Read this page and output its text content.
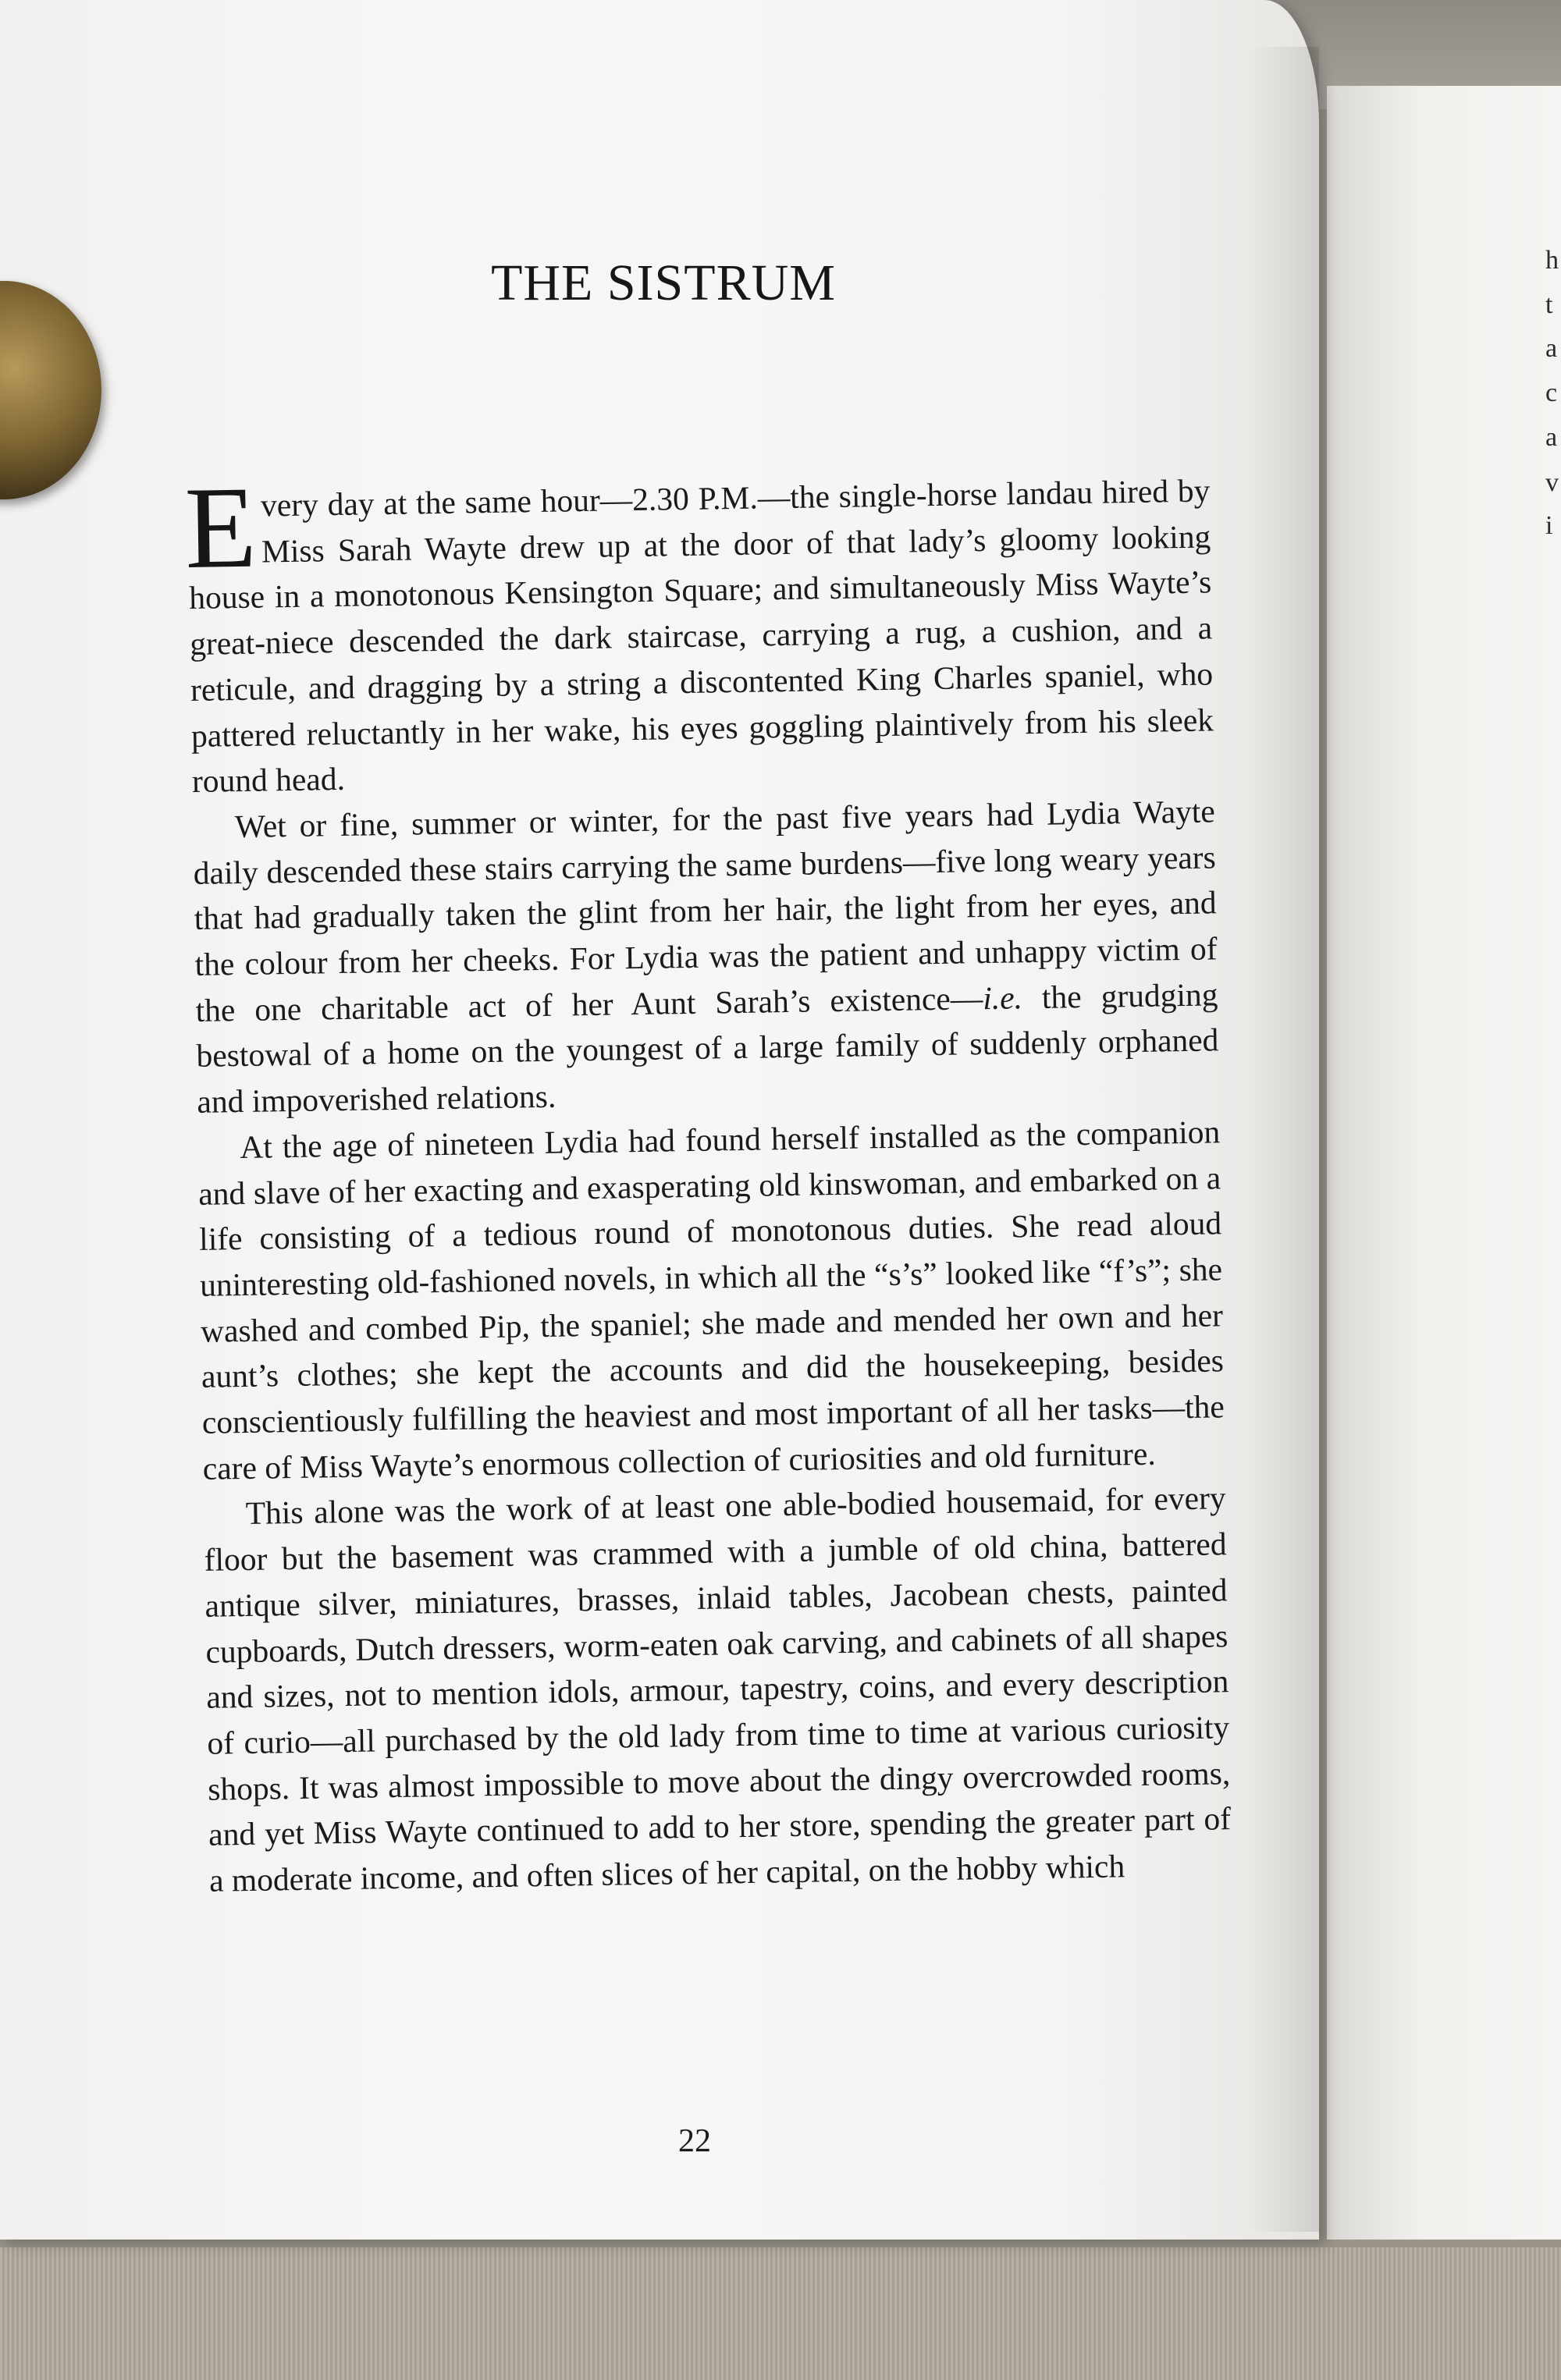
h
t
a
c
a
v
i
THE SISTRUM

Every day at the same hour—2.30 P.M.—the single-horse landau hired by Miss Sarah Wayte drew up at the door of that lady’s gloomy looking house in a monotonous Kensington Square; and simultaneously Miss Wayte’s great-niece descended the dark staircase, carrying a rug, a cushion, and a reticule, and dragging by a string a discontented King Charles spaniel, who pattered reluctantly in her wake, his eyes goggling plaintively from his sleek round head.

Wet or fine, summer or winter, for the past five years had Lydia Wayte daily descended these stairs carrying the same burdens—five long weary years that had gradually taken the glint from her hair, the light from her eyes, and the colour from her cheeks. For Lydia was the patient and unhappy victim of the one charitable act of her Aunt Sarah’s existence—i.e. the grudging bestowal of a home on the youngest of a large family of suddenly orphaned and impoverished relations.

At the age of nineteen Lydia had found herself installed as the companion and slave of her exacting and exasperating old kinswoman, and embarked on a life consisting of a tedious round of monotonous duties. She read aloud uninteresting old-fashioned novels, in which all the “s’s” looked like “f’s”; she washed and combed Pip, the spaniel; she made and mended her own and her aunt’s clothes; she kept the accounts and did the housekeeping, besides conscientiously fulfilling the heaviest and most important of all her tasks—the care of Miss Wayte’s enormous collection of curiosities and old furniture.

This alone was the work of at least one able-bodied housemaid, for every floor but the basement was crammed with a jumble of old china, battered antique silver, miniatures, brasses, inlaid tables, Jacobean chests, painted cupboards, Dutch dressers, worm-eaten oak carving, and cabinets of all shapes and sizes, not to mention idols, armour, tapestry, coins, and every description of curio—all purchased by the old lady from time to time at various curiosity shops. It was almost impossible to move about the dingy overcrowded rooms, and yet Miss Wayte continued to add to her store, spending the greater part of a moderate income, and often slices of her capital, on the hobby which

22
